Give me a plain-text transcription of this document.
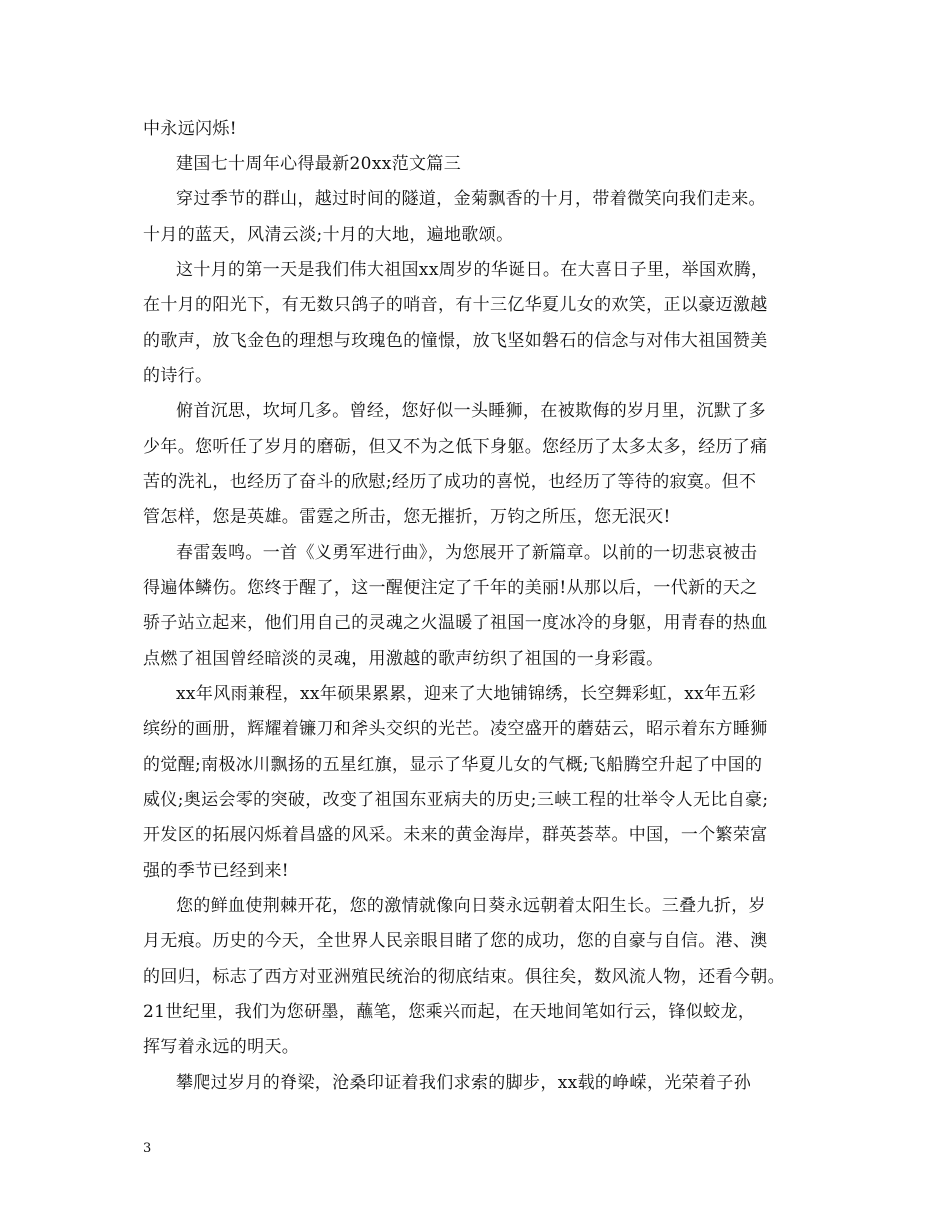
中永远闪烁!
建国七十周年心得最新20xx范文篇三
穿过季节的群山，越过时间的隧道，金菊飘香的十月，带着微笑向我们走来。
十月的蓝天，风清云淡;十月的大地，遍地歌颂。
这十月的第一天是我们伟大祖国xx周岁的华诞日。在大喜日子里，举国欢腾，
在十月的阳光下，有无数只鸽子的哨音，有十三亿华夏儿女的欢笑，正以豪迈激越
的歌声，放飞金色的理想与玫瑰色的憧憬，放飞坚如磐石的信念与对伟大祖国赞美
的诗行。
俯首沉思，坎坷几多。曾经，您好似一头睡狮，在被欺侮的岁月里，沉默了多
少年。您听任了岁月的磨砺，但又不为之低下身躯。您经历了太多太多，经历了痛
苦的洗礼，也经历了奋斗的欣慰;经历了成功的喜悦，也经历了等待的寂寞。但不
管怎样，您是英雄。雷霆之所击，您无摧折，万钧之所压，您无泯灭!
春雷轰鸣。一首《义勇军进行曲》，为您展开了新篇章。以前的一切悲哀被击
得遍体鳞伤。您终于醒了，这一醒便注定了千年的美丽!从那以后，一代新的天之
骄子站立起来，他们用自己的灵魂之火温暖了祖国一度冰冷的身躯，用青春的热血
点燃了祖国曾经暗淡的灵魂，用激越的歌声纺织了祖国的一身彩霞。
xx年风雨兼程，xx年硕果累累，迎来了大地铺锦绣，长空舞彩虹，xx年五彩
缤纷的画册，辉耀着镰刀和斧头交织的光芒。凌空盛开的蘑菇云，昭示着东方睡狮
的觉醒;南极冰川飘扬的五星红旗，显示了华夏儿女的气概;飞船腾空升起了中国的
威仪;奥运会零的突破，改变了祖国东亚病夫的历史;三峡工程的壮举令人无比自豪;
开发区的拓展闪烁着昌盛的风采。未来的黄金海岸，群英荟萃。中国，一个繁荣富
强的季节已经到来!
您的鲜血使荆棘开花，您的激情就像向日葵永远朝着太阳生长。三叠九折，岁
月无痕。历史的今天，全世界人民亲眼目睹了您的成功，您的自豪与自信。港、澳
的回归，标志了西方对亚洲殖民统治的彻底结束。俱往矣，数风流人物，还看今朝。
21世纪里，我们为您研墨，蘸笔，您乘兴而起，在天地间笔如行云，锋似蛟龙，
挥写着永远的明天。
攀爬过岁月的脊梁，沧桑印证着我们求索的脚步，xx载的峥嵘，光荣着子孙
3
